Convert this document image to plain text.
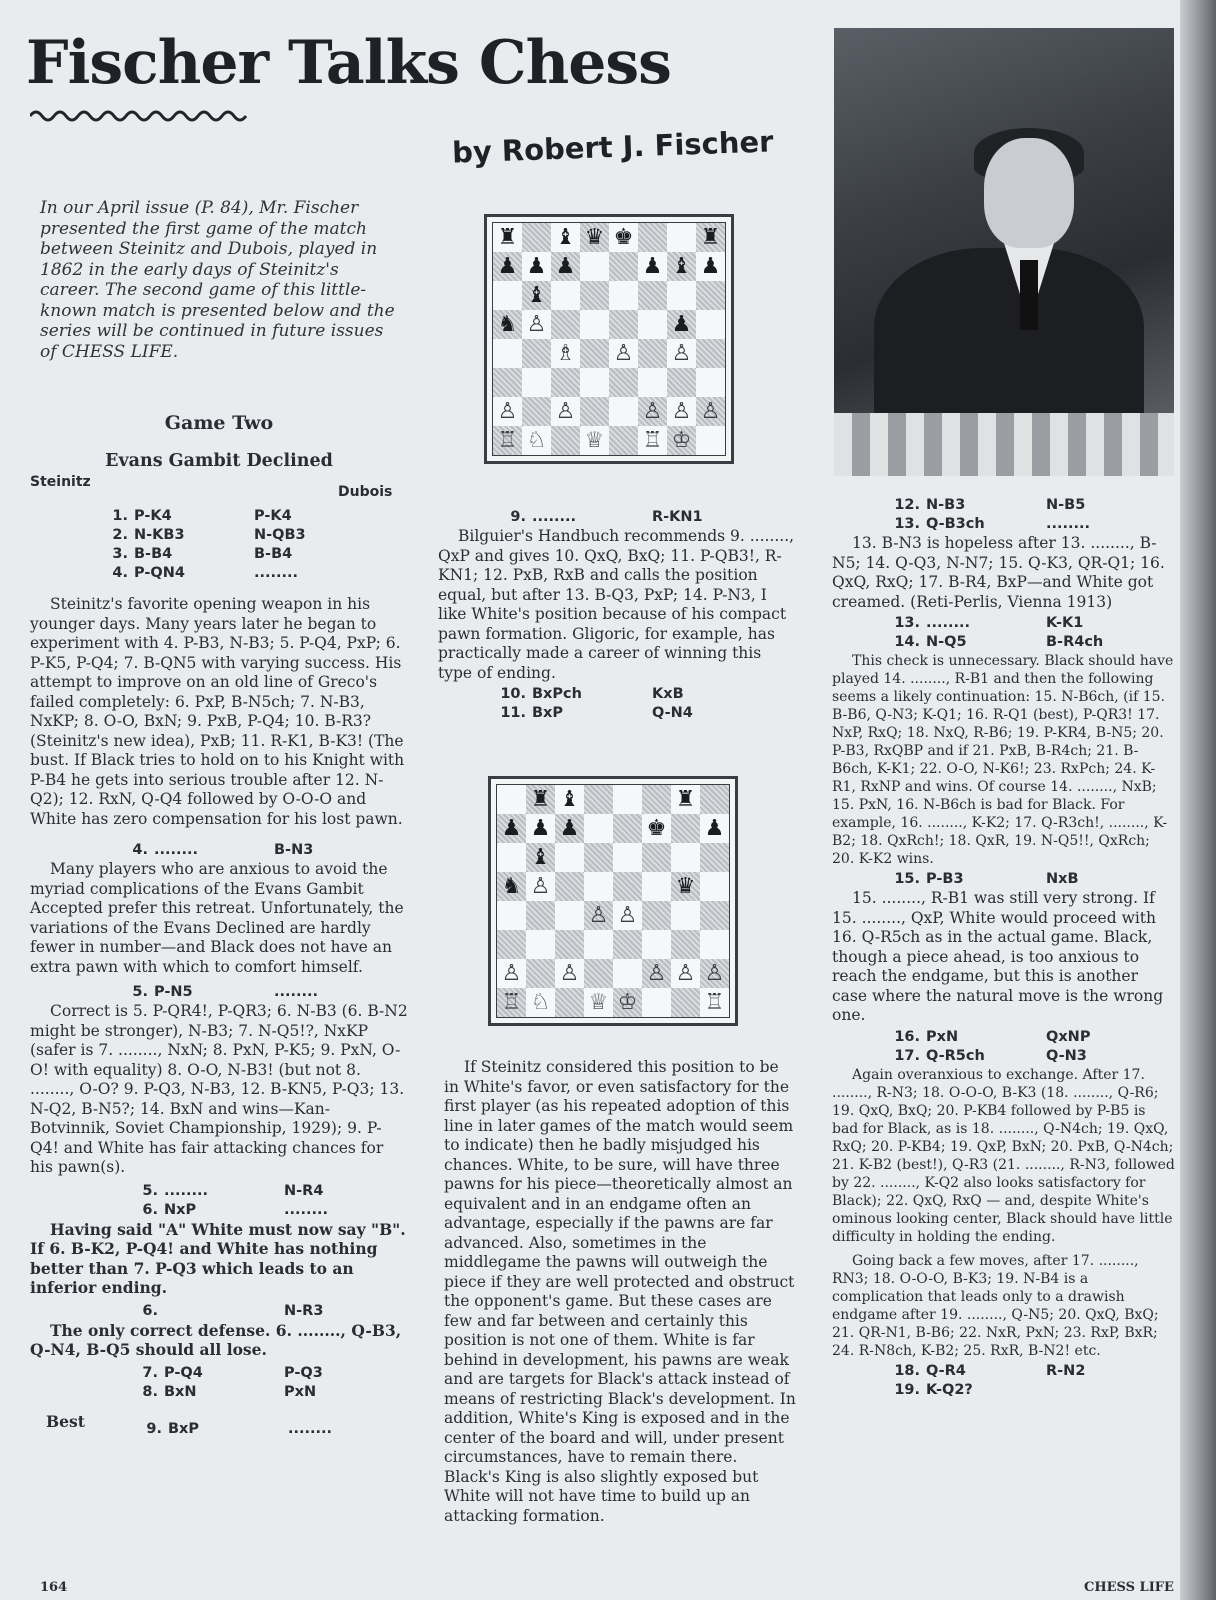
Fischer Talks Chess
by Robert J. Fischer
In our April issue (P. 84), Mr. Fischer presented the first game of the match between Steinitz and Dubois, played in 1862 in the early days of Steinitz's career. The second game of this little-known match is presented below and the series will be continued in future issues of CHESS LIFE.
Game Two
Evans Gambit Declined
Steinitz
Dubois
1. P-K4	P-K4
2. N-KB3	N-QB3
3. B-B4	B-B4
4. P-QN4	........

Steinitz's favorite opening weapon in his younger days. Many years later he began to experiment with 4. P-B3, N-B3; 5. P-Q4, PxP; 6. P-K5, P-Q4; 7. B-QN5 with varying success. His attempt to improve on an old line of Greco's failed completely: 6. PxP, B-N5ch; 7. N-B3, NxKP; 8. O-O, BxN; 9. PxB, P-Q4; 10. B-R3? (Steinitz's new idea), PxB; 11. R-K1, B-K3! (The bust. If Black tries to hold on to his Knight with P-B4 he gets into serious trouble after 12. N-Q2); 12. RxN, Q-Q4 followed by O-O-O and White has zero compensation for his lost pawn.

4. ........	B-N3

Many players who are anxious to avoid the myriad complications of the Evans Gambit Accepted prefer this retreat. Unfortunately, the variations of the Evans Declined are hardly fewer in number—and Black does not have an extra pawn with which to comfort himself.

5. P-N5	........

Correct is 5. P-QR4!, P-QR3; 6. N-B3 (6. B-N2 might be stronger), N-B3; 7. N-Q5!?, NxKP (safer is 7. ........, NxN; 8. PxN, P-K5; 9. PxN, O-O! with equality) 8. O-O, N-B3! (but not 8. ........, O-O? 9. P-Q3, N-B3, 12. B-KN5, P-Q3; 13. N-Q2, B-N5?; 14. BxN and wins—Kan-Botvinnik, Soviet Championship, 1929); 9. P-Q4! and White has fair attacking chances for his pawn(s).

5. ........	N-R4
6. NxP	........

Having said "A" White must now say "B". If 6. B-K2, P-Q4! and White has nothing better than 7. P-Q3 which leads to an inferior ending.

6.	N-R3

The only correct defense. 6. ........, Q-B3, Q-N4, B-Q5 should all lose.

7. P-Q4	P-Q3
8. BxN	PxN
Best	9. BxP	........
♜ ♝ ♛ ♚	♜
♟ ♟ ♟	♟ ♝ ♟
♝
♞ ♙	♟
♗ ♙ ♙
♙ ♙	♙ ♙ ♙
♖ ♘ ♕ ♖ ♔
9. ........	R-KN1

Bilguier's Handbuch recommends 9. ........, QxP and gives 10. QxQ, BxQ; 11. P-QB3!, R-KN1; 12. PxB, RxB and calls the position equal, but after 13. B-Q3, PxP; 14. P-N3, I like White's position because of his compact pawn formation. Gligoric, for example, has practically made a career of winning this type of ending.

10. BxPch	KxB
11. BxP	Q-N4
♜ ♝	♜
♟ ♟ ♟	♚ ♟
♝
♞ ♙	♛
♙ ♙
♙ ♙	♙ ♙ ♙
♖ ♘ ♕ ♔	♖

If Steinitz considered this position to be in White's favor, or even satisfactory for the first player (as his repeated adoption of this line in later games of the match would seem to indicate) then he badly misjudged his chances. White, to be sure, will have three pawns for his piece—theoretically almost an equivalent and in an endgame often an advantage, especially if the pawns are far advanced. Also, sometimes in the middlegame the pawns will outweigh the piece if they are well protected and obstruct the opponent's game. But these cases are few and far between and certainly this position is not one of them. White is far behind in development, his pawns are weak and are targets for Black's attack instead of means of restricting Black's development. In addition, White's King is exposed and in the center of the board and will, under present circumstances, have to remain there. Black's King is also slightly exposed but White will not have time to build up an attacking formation.

12. N-B3	N-B5
13. Q-B3ch	........

13. B-N3 is hopeless after 13. ........, B-N5; 14. Q-Q3, N-N7; 15. Q-K3, QR-Q1; 16. QxQ, RxQ; 17. B-R4, BxP—and White got creamed. (Reti-Perlis, Vienna 1913)

13. ........	K-K1
14. N-Q5	B-R4ch

This check is unnecessary. Black should have played 14. ........, R-B1 and then the following seems a likely continuation: 15. N-B6ch, (if 15. B-B6, Q-N3; K-Q1; 16. R-Q1 (best), P-QR3! 17. NxP, RxQ; 18. NxQ, R-B6; 19. P-KR4, B-N5; 20. P-B3, RxQBP and if 21. PxB, B-R4ch; 21. B-B6ch, K-K1; 22. O-O, N-K6!; 23. RxPch; 24. K-R1, RxNP and wins. Of course 14. ........, NxB; 15. PxN, 16. N-B6ch is bad for Black. For example, 16. ........, K-K2; 17. Q-R3ch!, ........, K-B2; 18. QxRch!; 18. QxR, 19. N-Q5!!, QxRch; 20. K-K2 wins.

15. P-B3	NxB

15. ........, R-B1 was still very strong. If 15. ........, QxP, White would proceed with 16. Q-R5ch as in the actual game. Black, though a piece ahead, is too anxious to reach the endgame, but this is another case where the natural move is the wrong one.

16. PxN	QxNP
17. Q-R5ch	Q-N3

Again overanxious to exchange. After 17. ........, R-N3; 18. O-O-O, B-K3 (18. ........, Q-R6; 19. QxQ, BxQ; 20. P-KB4 followed by P-B5 is bad for Black, as is 18. ........, Q-N4ch; 19. QxQ, RxQ; 20. P-KB4; 19. QxP, BxN; 20. PxB, Q-N4ch; 21. K-B2 (best!), Q-R3 (21. ........, R-N3, followed by 22. ........, K-Q2 also looks satisfactory for Black); 22. QxQ, RxQ — and, despite White's ominous looking center, Black should have little difficulty in holding the ending.

Going back a few moves, after 17. ........, RN3; 18. O-O-O, B-K3; 19. N-B4 is a complication that leads only to a drawish endgame after 19. ........, Q-N5; 20. QxQ, BxQ; 21. QR-N1, B-B6; 22. NxR, PxN; 23. RxP, BxR; 24. R-N8ch, K-B2; 25. RxR, B-N2! etc.

18. Q-R4	R-N2
19. K-Q2?
164	CHESS LIFE
